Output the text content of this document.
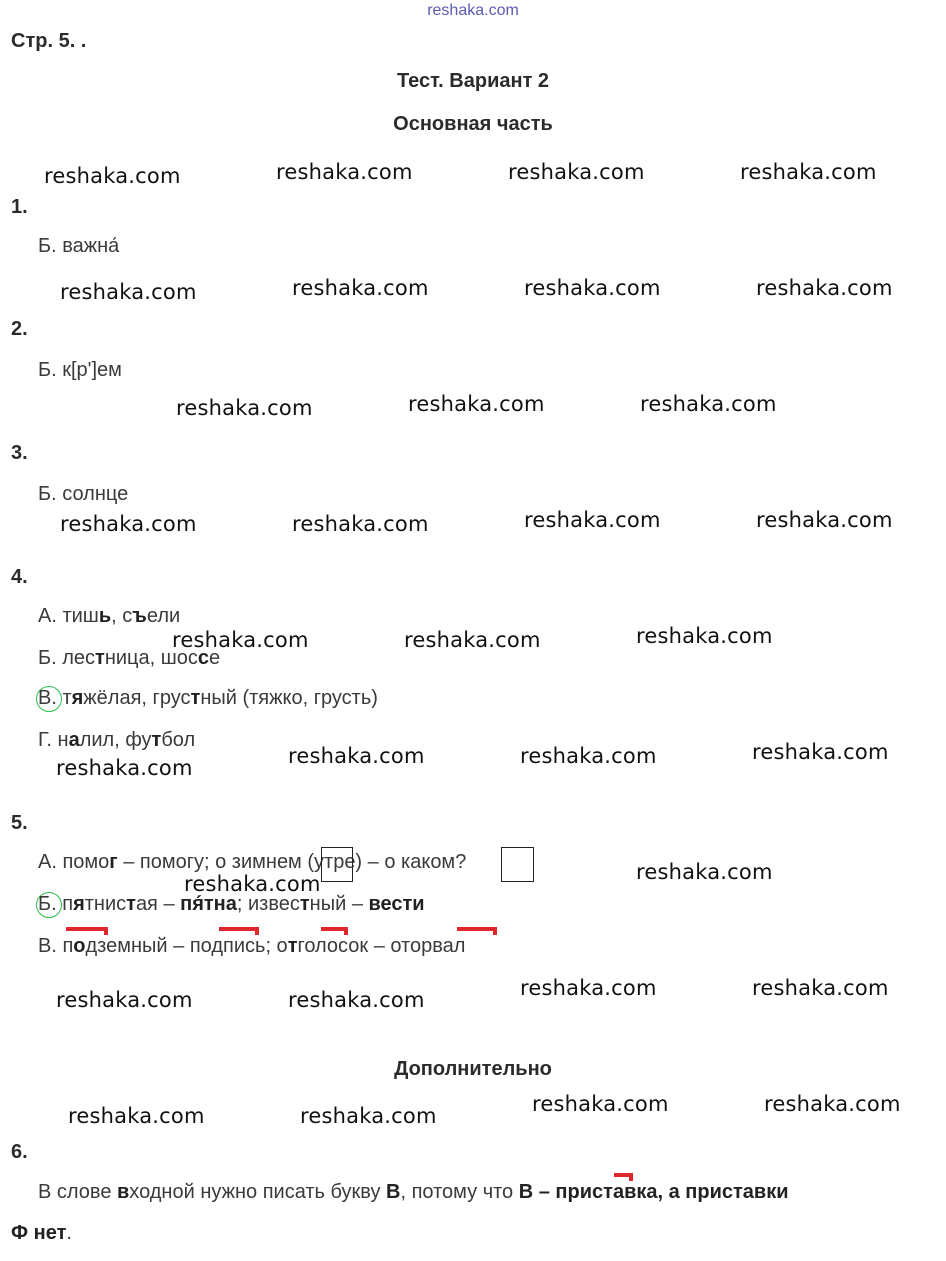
reshaka.com
Стр. 5. .
Тест. Вариант 2
Основная часть
1.
Б. важна́
2.
Б. к[р']ем
3.
Б. солнце
4.
А. тишь, съели
Б. лестница, шоссе
В. тяжёлая, грустный (тяжко, грусть)
Г. налил, футбол
5.
А. помог – помогу; о зимнем (утре) – о каком?
Б. пятнистая – пя́тна; известный – вести
В. подземный – подпись; отголосок – оторвал
Дополнительно
6.
В слове входной нужно писать букву В, потому что В – приставка, а приставки
Ф нет.
reshaka.com	reshaka.com	reshaka.com	reshaka.com
reshaka.com	reshaka.com	reshaka.com	reshaka.com
reshaka.com	reshaka.com	reshaka.com
reshaka.com	reshaka.com	reshaka.com	reshaka.com
reshaka.com	reshaka.com	reshaka.com
reshaka.com	reshaka.com	reshaka.com	reshaka.com
reshaka.com	reshaka.com
reshaka.com	reshaka.com	reshaka.com	reshaka.com
reshaka.com	reshaka.com	reshaka.com	reshaka.com
